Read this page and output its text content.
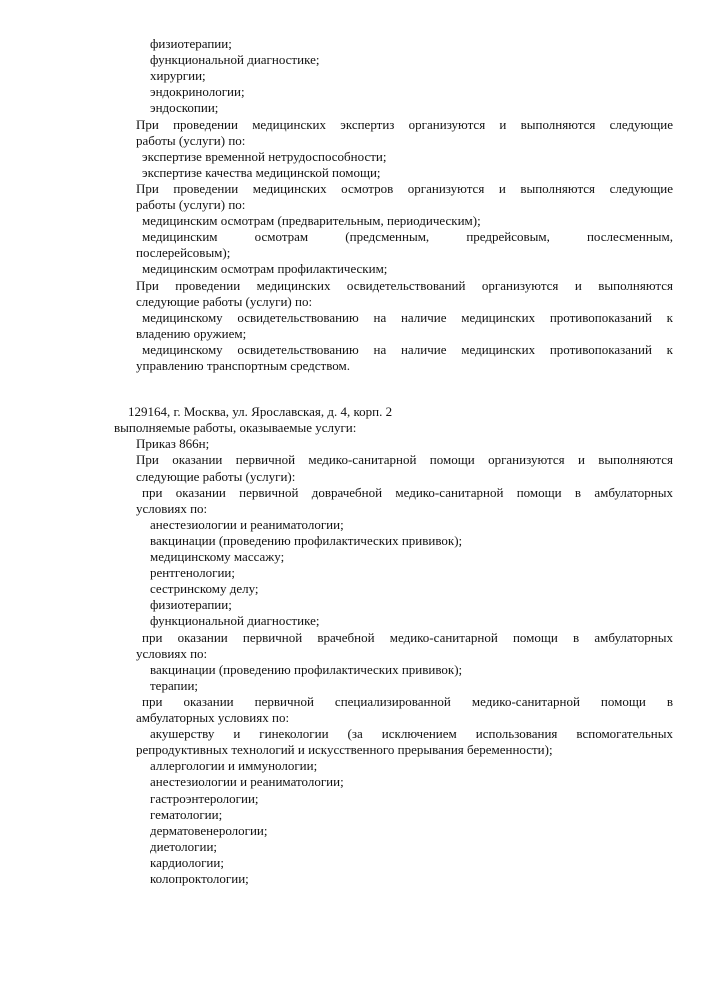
физиотерапии;
функциональной диагностике;
хирургии;
эндокринологии;
эндоскопии;
При проведении медицинских экспертиз организуются и выполняются следующие
работы (услуги) по:
экспертизе временной нетрудоспособности;
экспертизе качества медицинской помощи;
При проведении медицинских осмотров организуются и выполняются следующие
работы (услуги) по:
медицинским осмотрам (предварительным, периодическим);
медицинским осмотрам (предсменным, предрейсовым, послесменным,
послерейсовым);
медицинским осмотрам профилактическим;
При проведении медицинских освидетельствований организуются и выполняются
следующие работы (услуги) по:
медицинскому освидетельствованию на наличие медицинских противопоказаний к
владению оружием;
медицинскому освидетельствованию на наличие медицинских противопоказаний к
управлению транспортным средством.
129164, г. Москва, ул. Ярославская, д. 4, корп. 2
выполняемые работы, оказываемые услуги:
Приказ 866н;
При оказании первичной медико-санитарной помощи организуются и выполняются
следующие работы (услуги):
при оказании первичной доврачебной медико-санитарной помощи в амбулаторных
условиях по:
анестезиологии и реаниматологии;
вакцинации (проведению профилактических прививок);
медицинскому массажу;
рентгенологии;
сестринскому делу;
физиотерапии;
функциональной диагностике;
при оказании первичной врачебной медико-санитарной помощи в амбулаторных
условиях по:
вакцинации (проведению профилактических прививок);
терапии;
при оказании первичной специализированной медико-санитарной помощи в
амбулаторных условиях по:
акушерству и гинекологии (за исключением использования вспомогательных
репродуктивных технологий и искусственного прерывания беременности);
аллергологии и иммунологии;
анестезиологии и реаниматологии;
гастроэнтерологии;
гематологии;
дерматовенерологии;
диетологии;
кардиологии;
колопроктологии;
